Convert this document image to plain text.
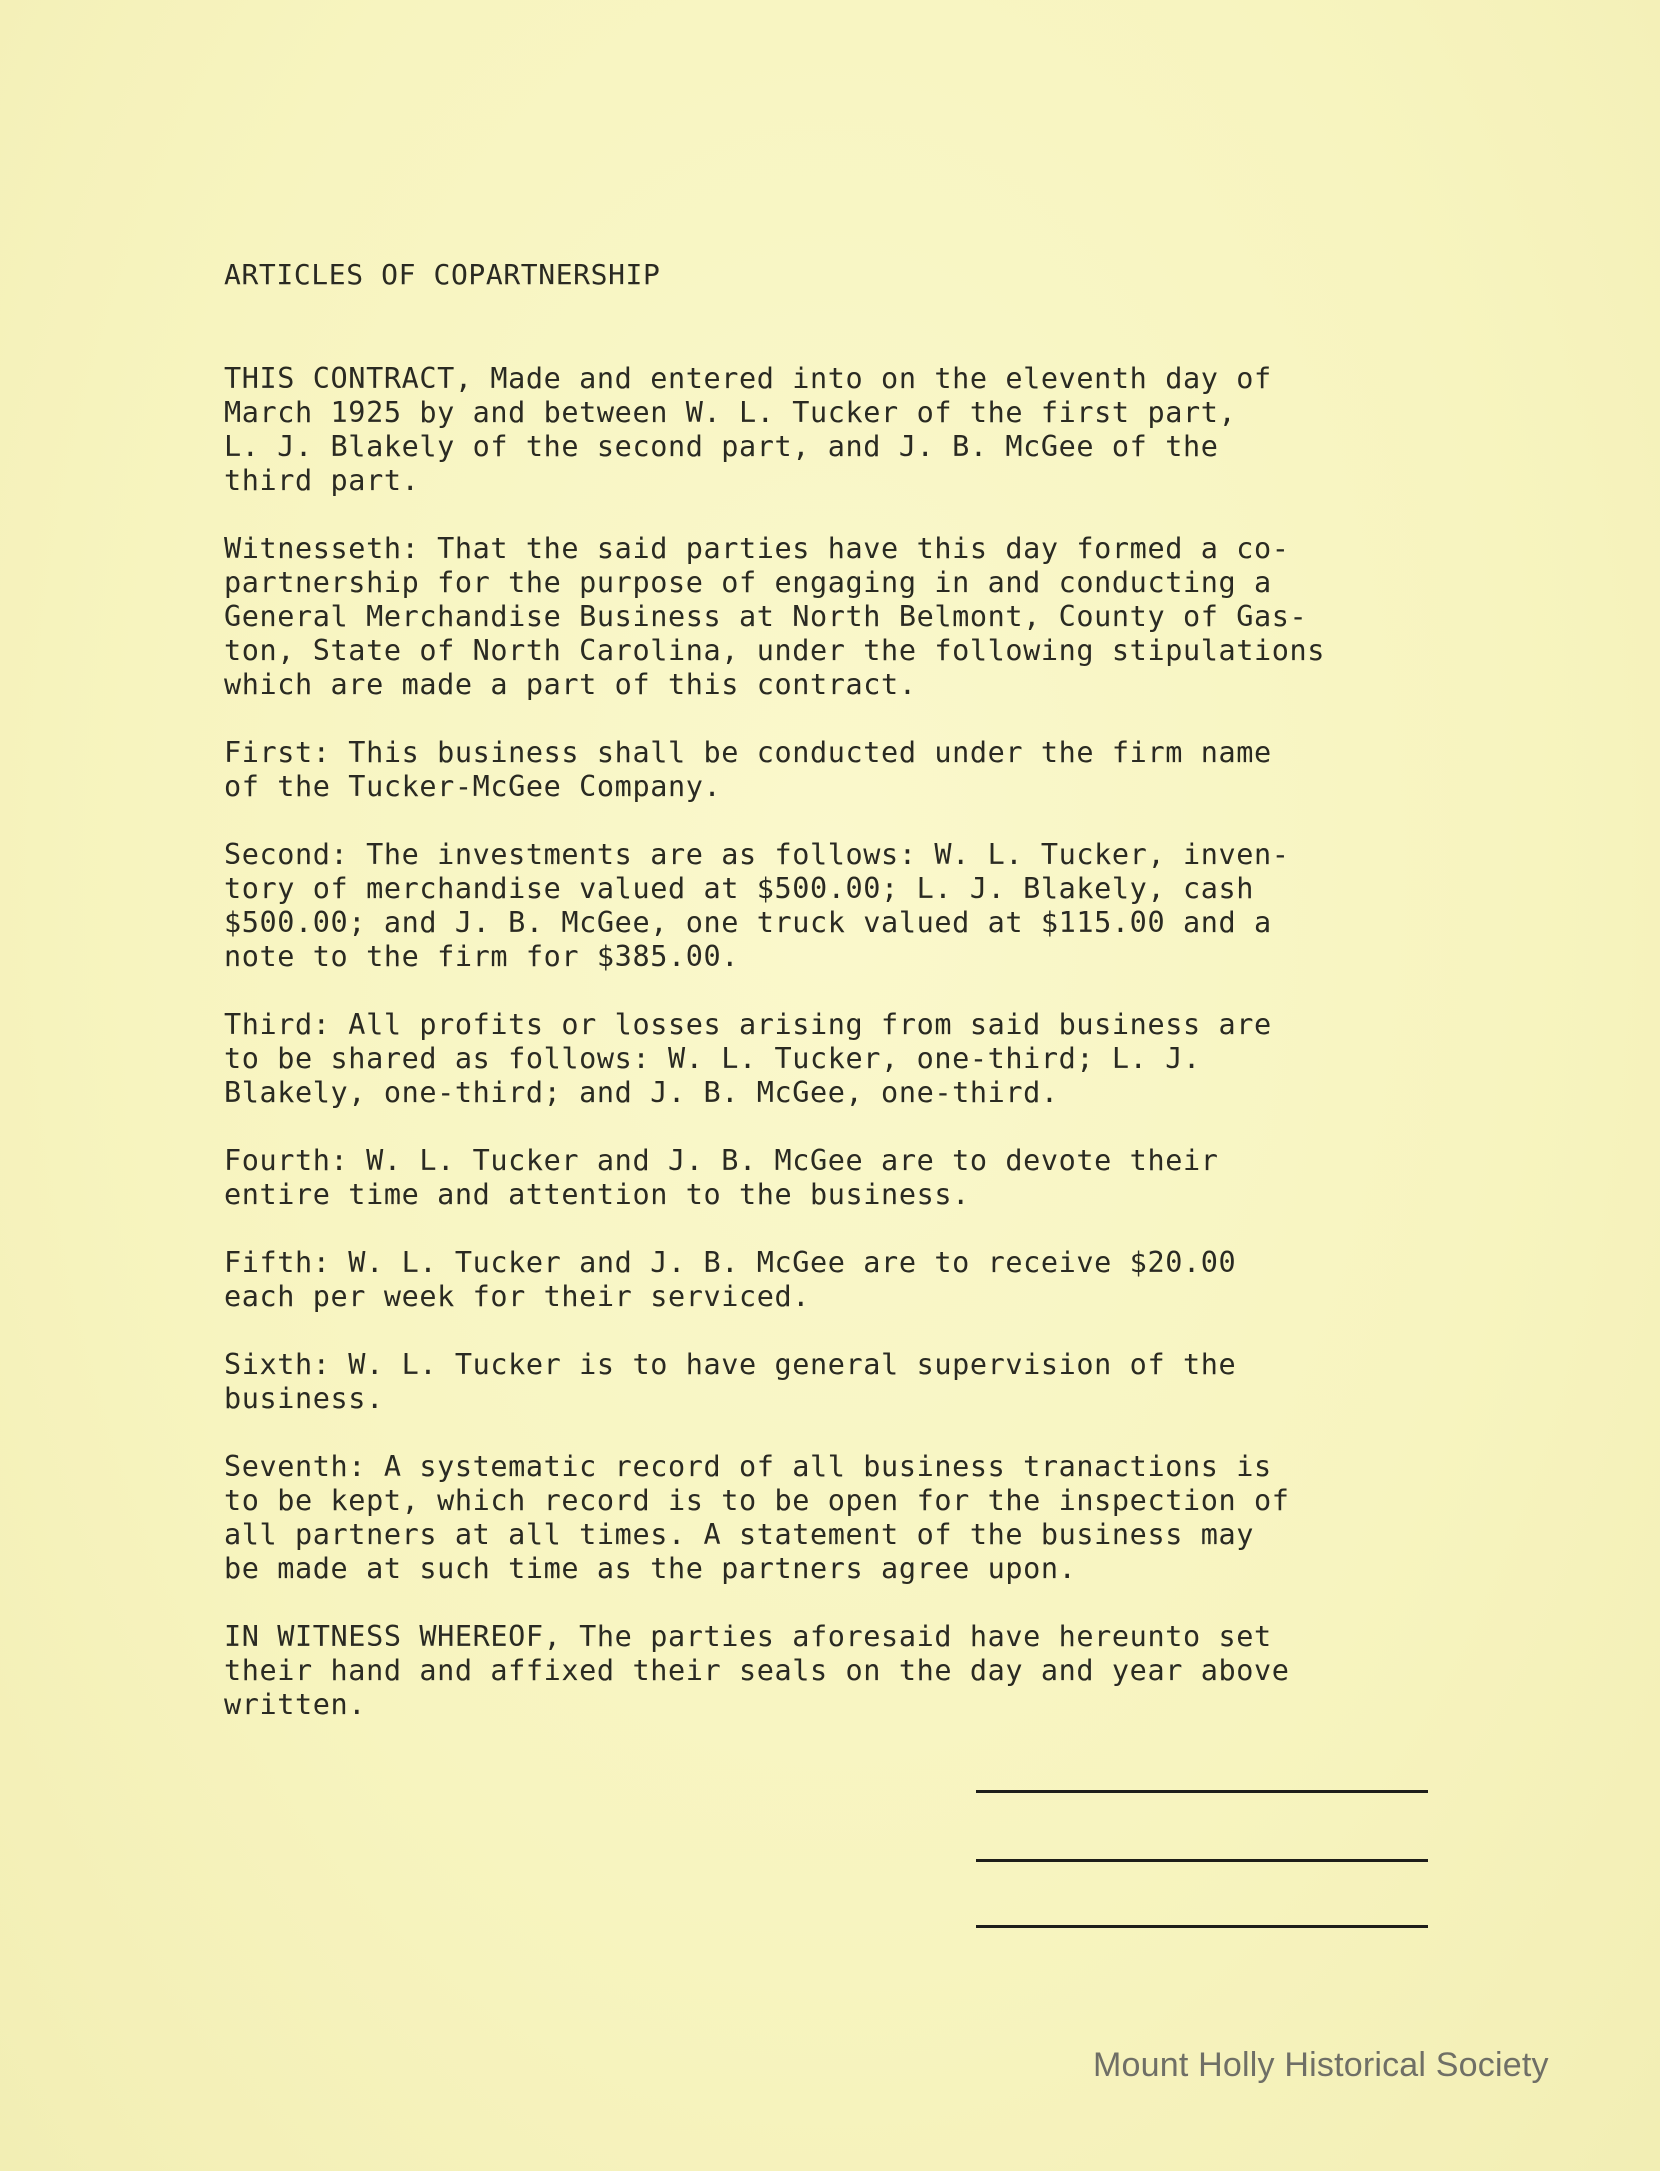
ARTICLES OF COPARTNERSHIP
THIS CONTRACT, Made and entered into on the eleventh day of
March 1925 by and between W. L. Tucker of the first part,
L. J. Blakely of the second part, and J. B. McGee of the
third part.
Witnesseth: That the said parties have this day formed a co-
partnership for the purpose of engaging in and conducting a
General Merchandise Business at North Belmont, County of Gas-
ton, State of North Carolina, under the following stipulations
which are made a part of this contract.
First: This business shall be conducted under the firm name
of the Tucker-McGee Company.
Second: The investments are as follows: W. L. Tucker, inven-
tory of merchandise valued at $500.00; L. J. Blakely, cash
$500.00; and J. B. McGee, one truck valued at $115.00 and a
note to the firm for $385.00.
Third: All profits or losses arising from said business are
to be shared as follows: W. L. Tucker, one-third; L. J.
Blakely, one-third; and J. B. McGee, one-third.
Fourth: W. L. Tucker and J. B. McGee are to devote their
entire time and attention to the business.
Fifth: W. L. Tucker and J. B. McGee are to receive $20.00
each per week for their serviced.
Sixth: W. L. Tucker is to have general supervision of the
business.
Seventh: A systematic record of all business tranactions is
to be kept, which record is to be open for the inspection of
all partners at all times. A statement of the business may
be made at such time as the partners agree upon.
IN WITNESS WHEREOF, The parties aforesaid have hereunto set
their hand and affixed their seals on the day and year above
written.
Mount Holly Historical Society
